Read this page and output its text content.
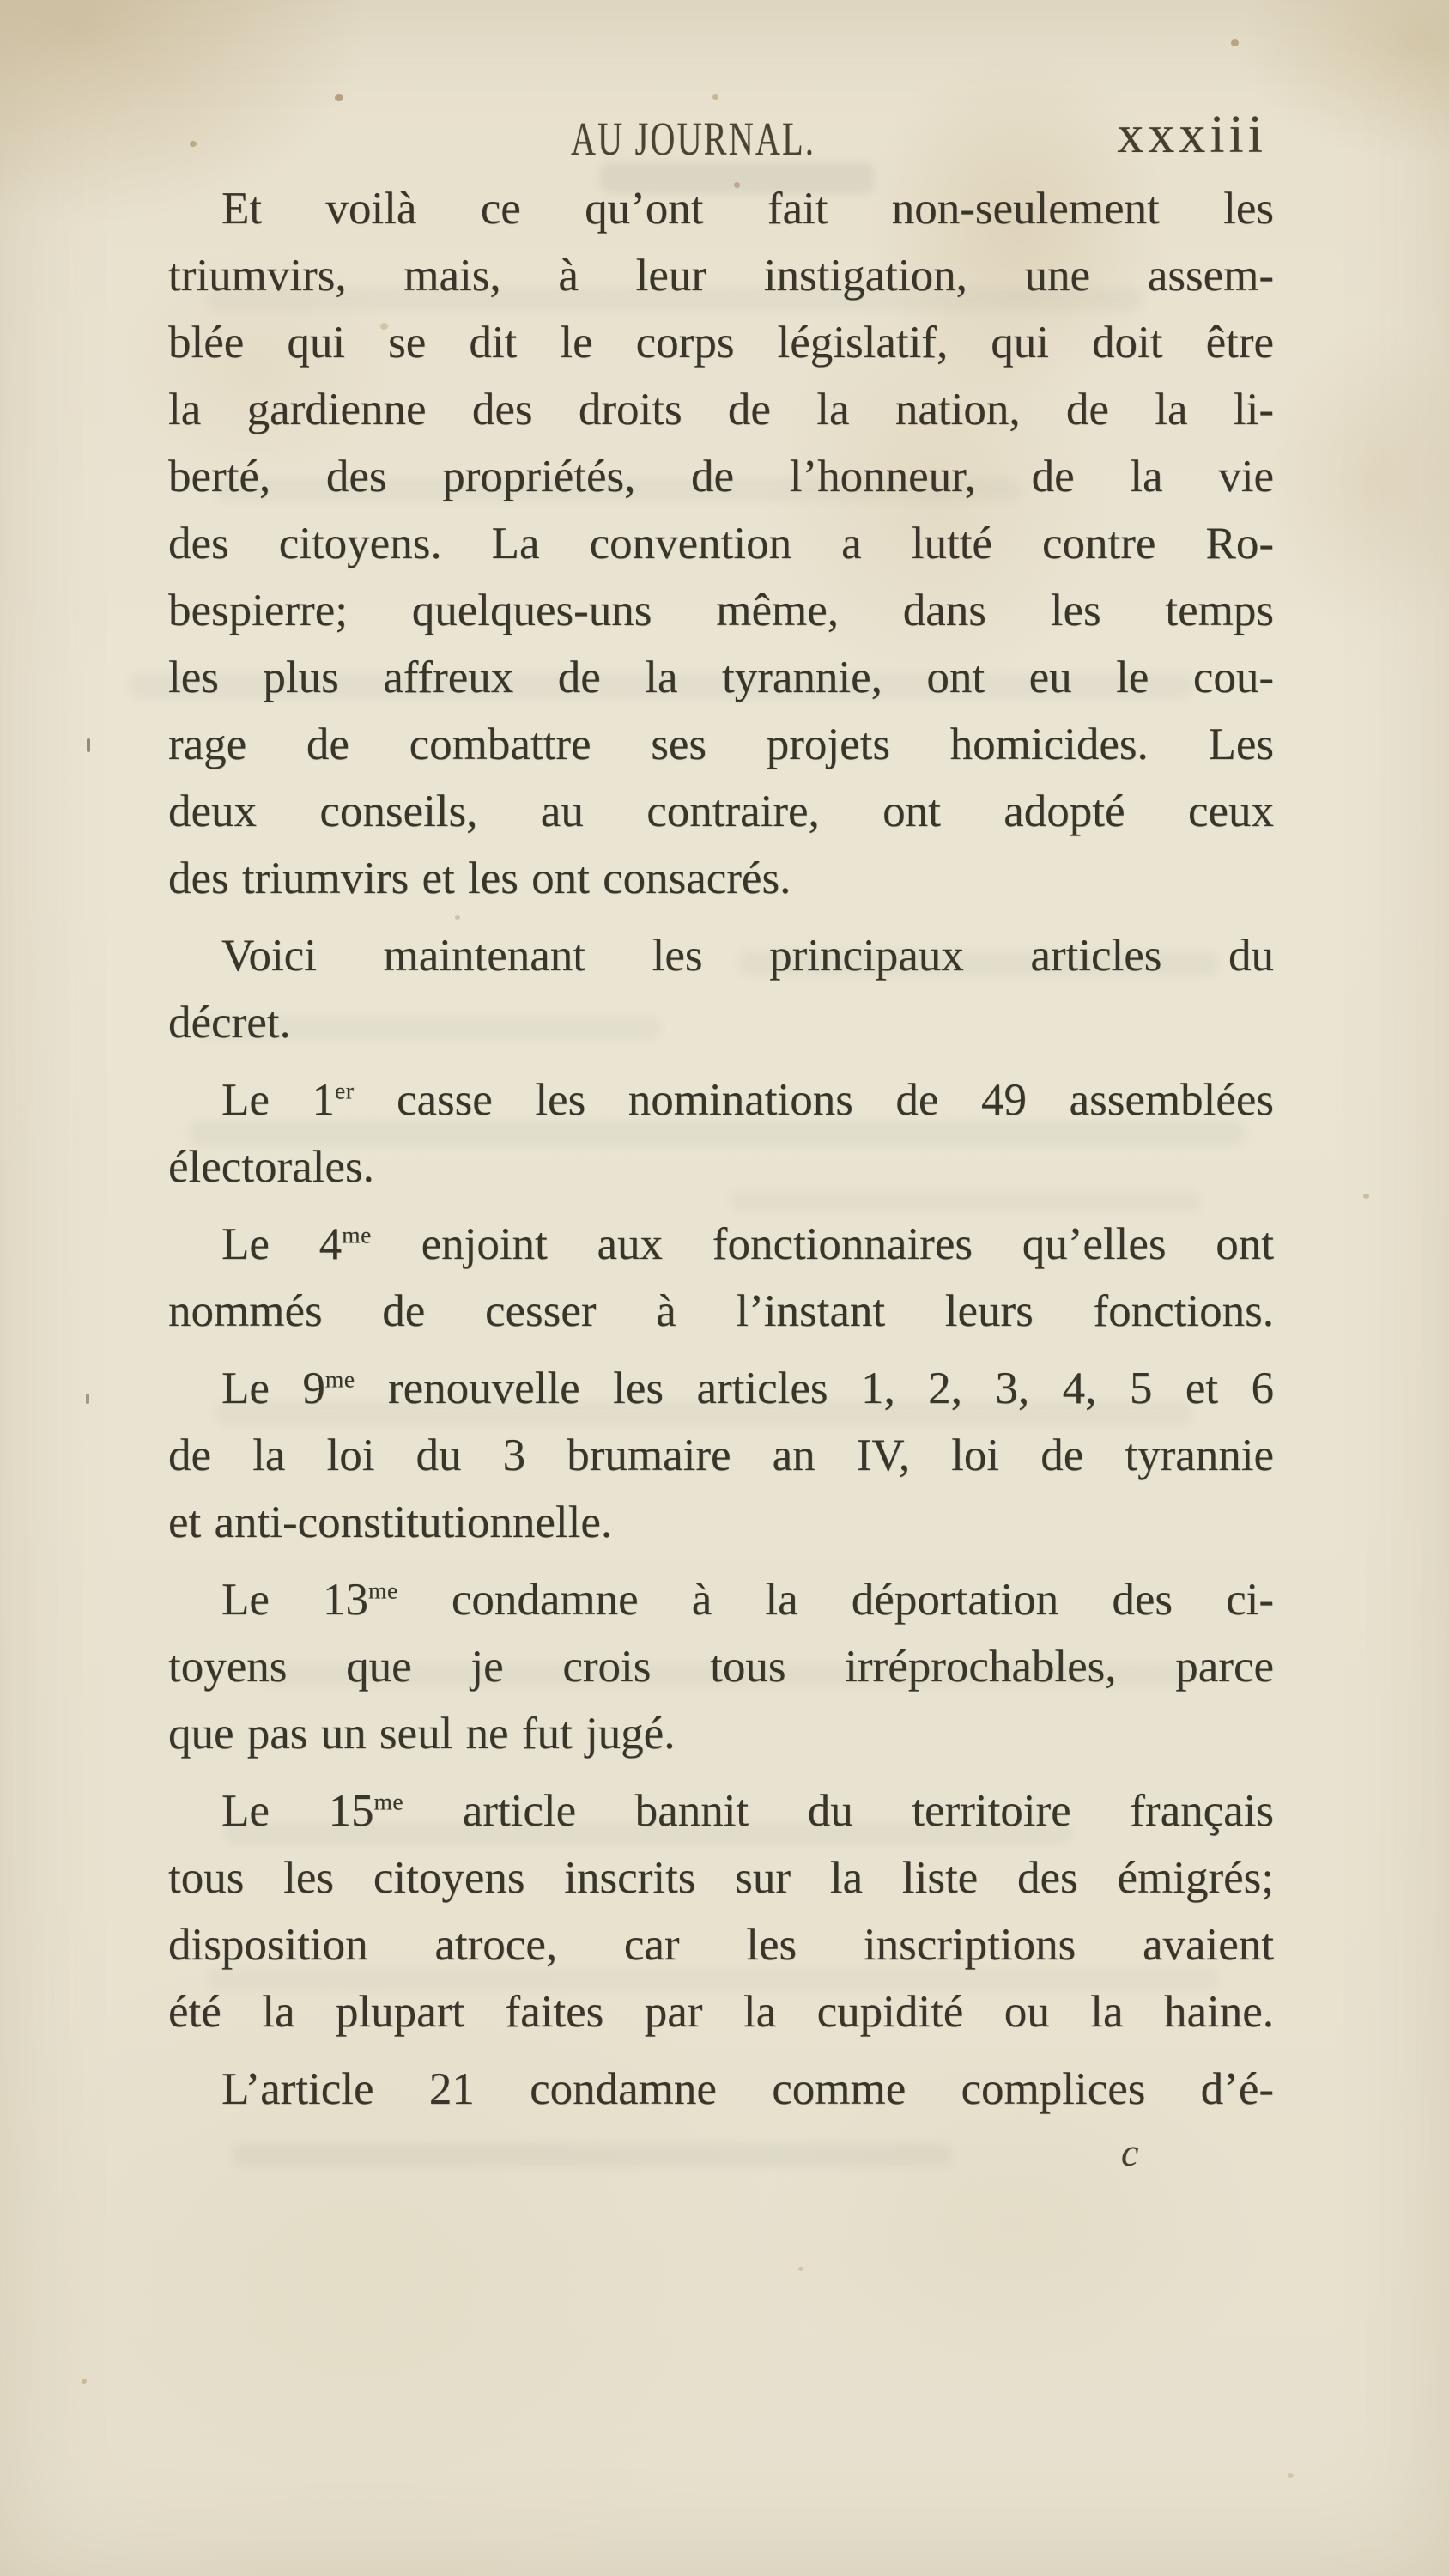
AU JOURNAL.	xxxiii
Et voilà ce qu’ont fait non-seulement les
triumvirs, mais, à leur instigation, une assem-
blée qui se dit le corps législatif, qui doit être
la gardienne des droits de la nation, de la li-
berté, des propriétés, de l’honneur, de la vie
des citoyens. La convention a lutté contre Ro-
bespierre; quelques-uns même, dans les temps
les plus affreux de la tyrannie, ont eu le cou-
rage de combattre ses projets homicides. Les
deux conseils, au contraire, ont adopté ceux
des triumvirs et les ont consacrés.
Voici maintenant les principaux articles du
décret.
Le 1er casse les nominations de 49 assemblées
électorales.
Le $4^{me}$ enjoint aux fonctionnaires qu’elles ont
nommés de cesser à l’instant leurs fonctions.
Le $9^{me}$ renouvelle les articles 1, 2, 3, 4, 5 et 6
de la loi du 3 brumaire an IV, loi de tyrannie
et anti-constitutionnelle.
Le $13^{me}$ condamne à la déportation des ci-
toyens que je crois tous irréprochables, parce
que pas un seul ne fut jugé.
Le $15^{me}$ article bannit du territoire français
tous les citoyens inscrits sur la liste des émigrés;
disposition atroce, car les inscriptions avaient
été la plupart faites par la cupidité ou la haine.
L’article 21 condamne comme complices d’é-
c
